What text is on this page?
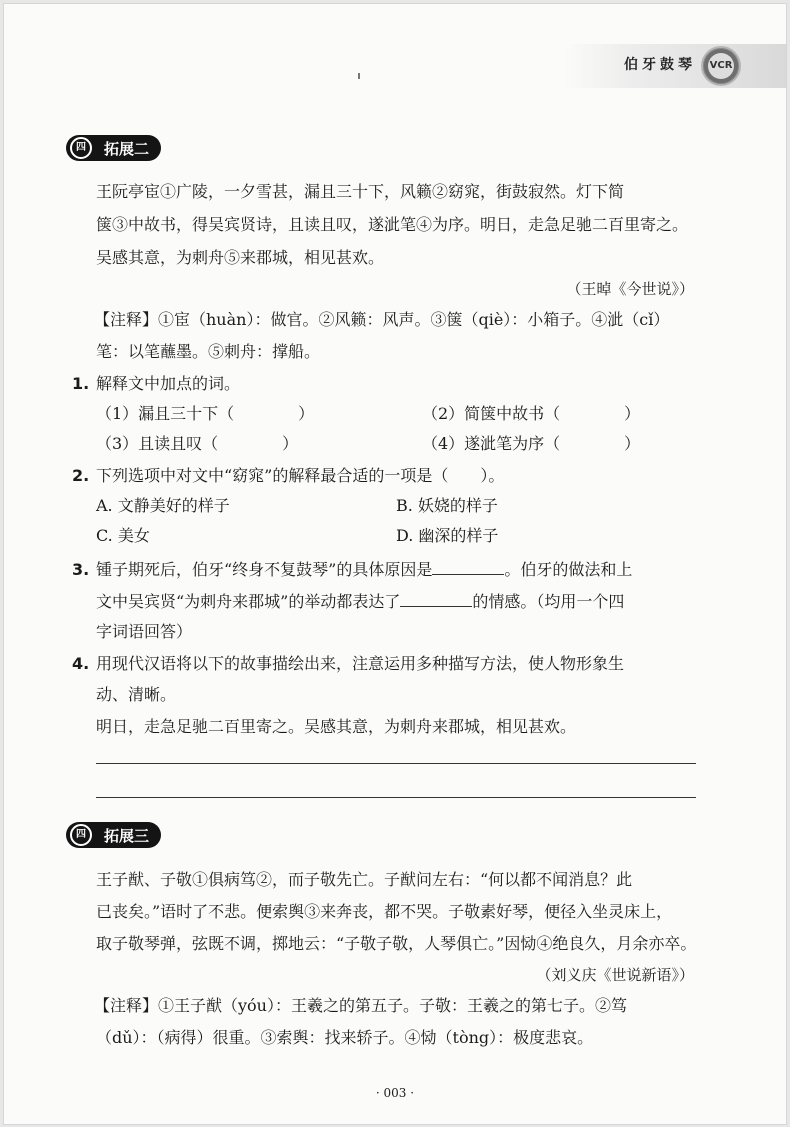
伯牙鼓琴 VCR
四	拓展二
王阮亭宦①广陵，一夕雪甚，漏且三十下，风籁②窈窕，街鼓寂然。灯下简
箧③中故书，得吴宾贤诗，且读且叹，遂泚笔④为序。明日，走急足驰二百里寄之。
吴感其意，为刺舟⑤来郡城，相见甚欢。
（王晫《今世说》）
【注释】①宦（huàn）：做官。②风籁：风声。③箧（qiè）：小箱子。④泚（cǐ）
笔：以笔蘸墨。⑤刺舟：撑船。
1. 解释文中加点的词。
（1）漏且三十下（　　　　）	（2）简箧中故书（　　　　）
（3）且读且叹（　　　　）	（4）遂泚笔为序（　　　　）
2. 下列选项中对文中“窈窕”的解释最合适的一项是（　　）。
A. 文静美好的样子	B. 妖娆的样子
C. 美女	D. 幽深的样子
3. 锺子期死后，伯牙“终身不复鼓琴”的具体原因是	。伯牙的做法和上
文中吴宾贤“为刺舟来郡城”的举动都表达了	的情感。（均用一个四
字词语回答）
4. 用现代汉语将以下的故事描绘出来，注意运用多种描写方法，使人物形象生
动、清晰。
明日，走急足驰二百里寄之。吴感其意，为刺舟来郡城，相见甚欢。
四	拓展三
王子猷、子敬①俱病笃②，而子敬先亡。子猷问左右：“何以都不闻消息？此
已丧矣。”语时了不悲。便索舆③来奔丧，都不哭。子敬素好琴，便径入坐灵床上，
取子敬琴弹，弦既不调，掷地云：“子敬子敬，人琴俱亡。”因恸④绝良久，月余亦卒。
（刘义庆《世说新语》）
【注释】①王子猷（yóu）：王羲之的第五子。子敬：王羲之的第七子。②笃
（dǔ）：（病得）很重。③索舆：找来轿子。④恸（tòng）：极度悲哀。
· 003 ·
